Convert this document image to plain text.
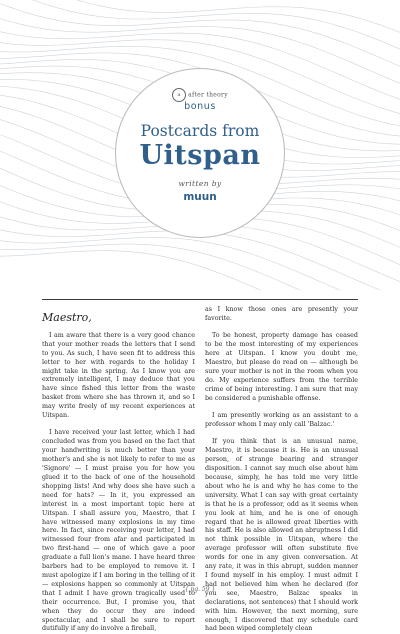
a after theory
bonus
Postcards from
Uitspan
written by
muun
Maestro,

I am aware that there is a very good chance that your mother reads the letters that I send to you. As such, I have seen fit to address this letter to her with regards to the holiday I might take in the spring. As I know you are extremely intelligent, I may deduce that you have since fished this letter from the waste basket from where she has thrown it, and so I may write freely of my recent experiences at Uitspan.

I have received your last letter, which I had concluded was from you based on the fact that your handwriting is much better than your mother's and she is not likely to refer to me as 'Signore' — I must praise you for how you glued it to the back of one of the household shopping lists! And why does she have such a need for hats? — In it, you expressed an interest in a most important topic here at Uitspan. I shall assure you, Maestro, that I have witnessed many explosions in my time here. In fact, since receiving your letter, I had witnessed four from afar and participated in two first-hand — one of which gave a poor graduate a full lion's mane. I have heard three barbers had to be employed to remove it. I must apologize if I am boring in the telling of it — explosions happen so commonly at Uitspan that I admit I have grown tragically used to their occurrence. But, I promise you, that when they do occur they are indeed spectacular, and I shall be sure to report dutifully if any do involve a fireball,

as I know those ones are presently your favorite.

To be honest, property damage has ceased to be the most interesting of my experiences here at Uitspan. I know you doubt me, Maestro, but please do read on — although be sure your mother is not in the room when you do. My experience suffers from the terrible crime of being interesting. I am sure that may be considered a punishable offense.

I am presently working as an assistant to a professor whom I may only call 'Balzac.'

If you think that is an unusual name, Maestro, it is because it is. He is an unusual person, of strange bearing and stranger disposition. I cannot say much else about him because, simply, he has told me very little about who he is and why he has come to the university. What I can say with great certainty is that he is a professor, odd as it seems when you look at him, and he is one of enough regard that he is allowed great liberties with his staff. He is also allowed an abruptness I did not think possible in Uitspan, where the average professor will often substitute five words for one in any given conversation. At any rate, it was in this abrupt, sudden manner I found myself in his employ. I must admit I had not believed him when he declared (for you see, Maestro, Balzac speaks in declarations, not sentences) that I should work with him. However, the next morning, sure enough, I discovered that my schedule card had been wiped completely clean

{ pg. 59 }
